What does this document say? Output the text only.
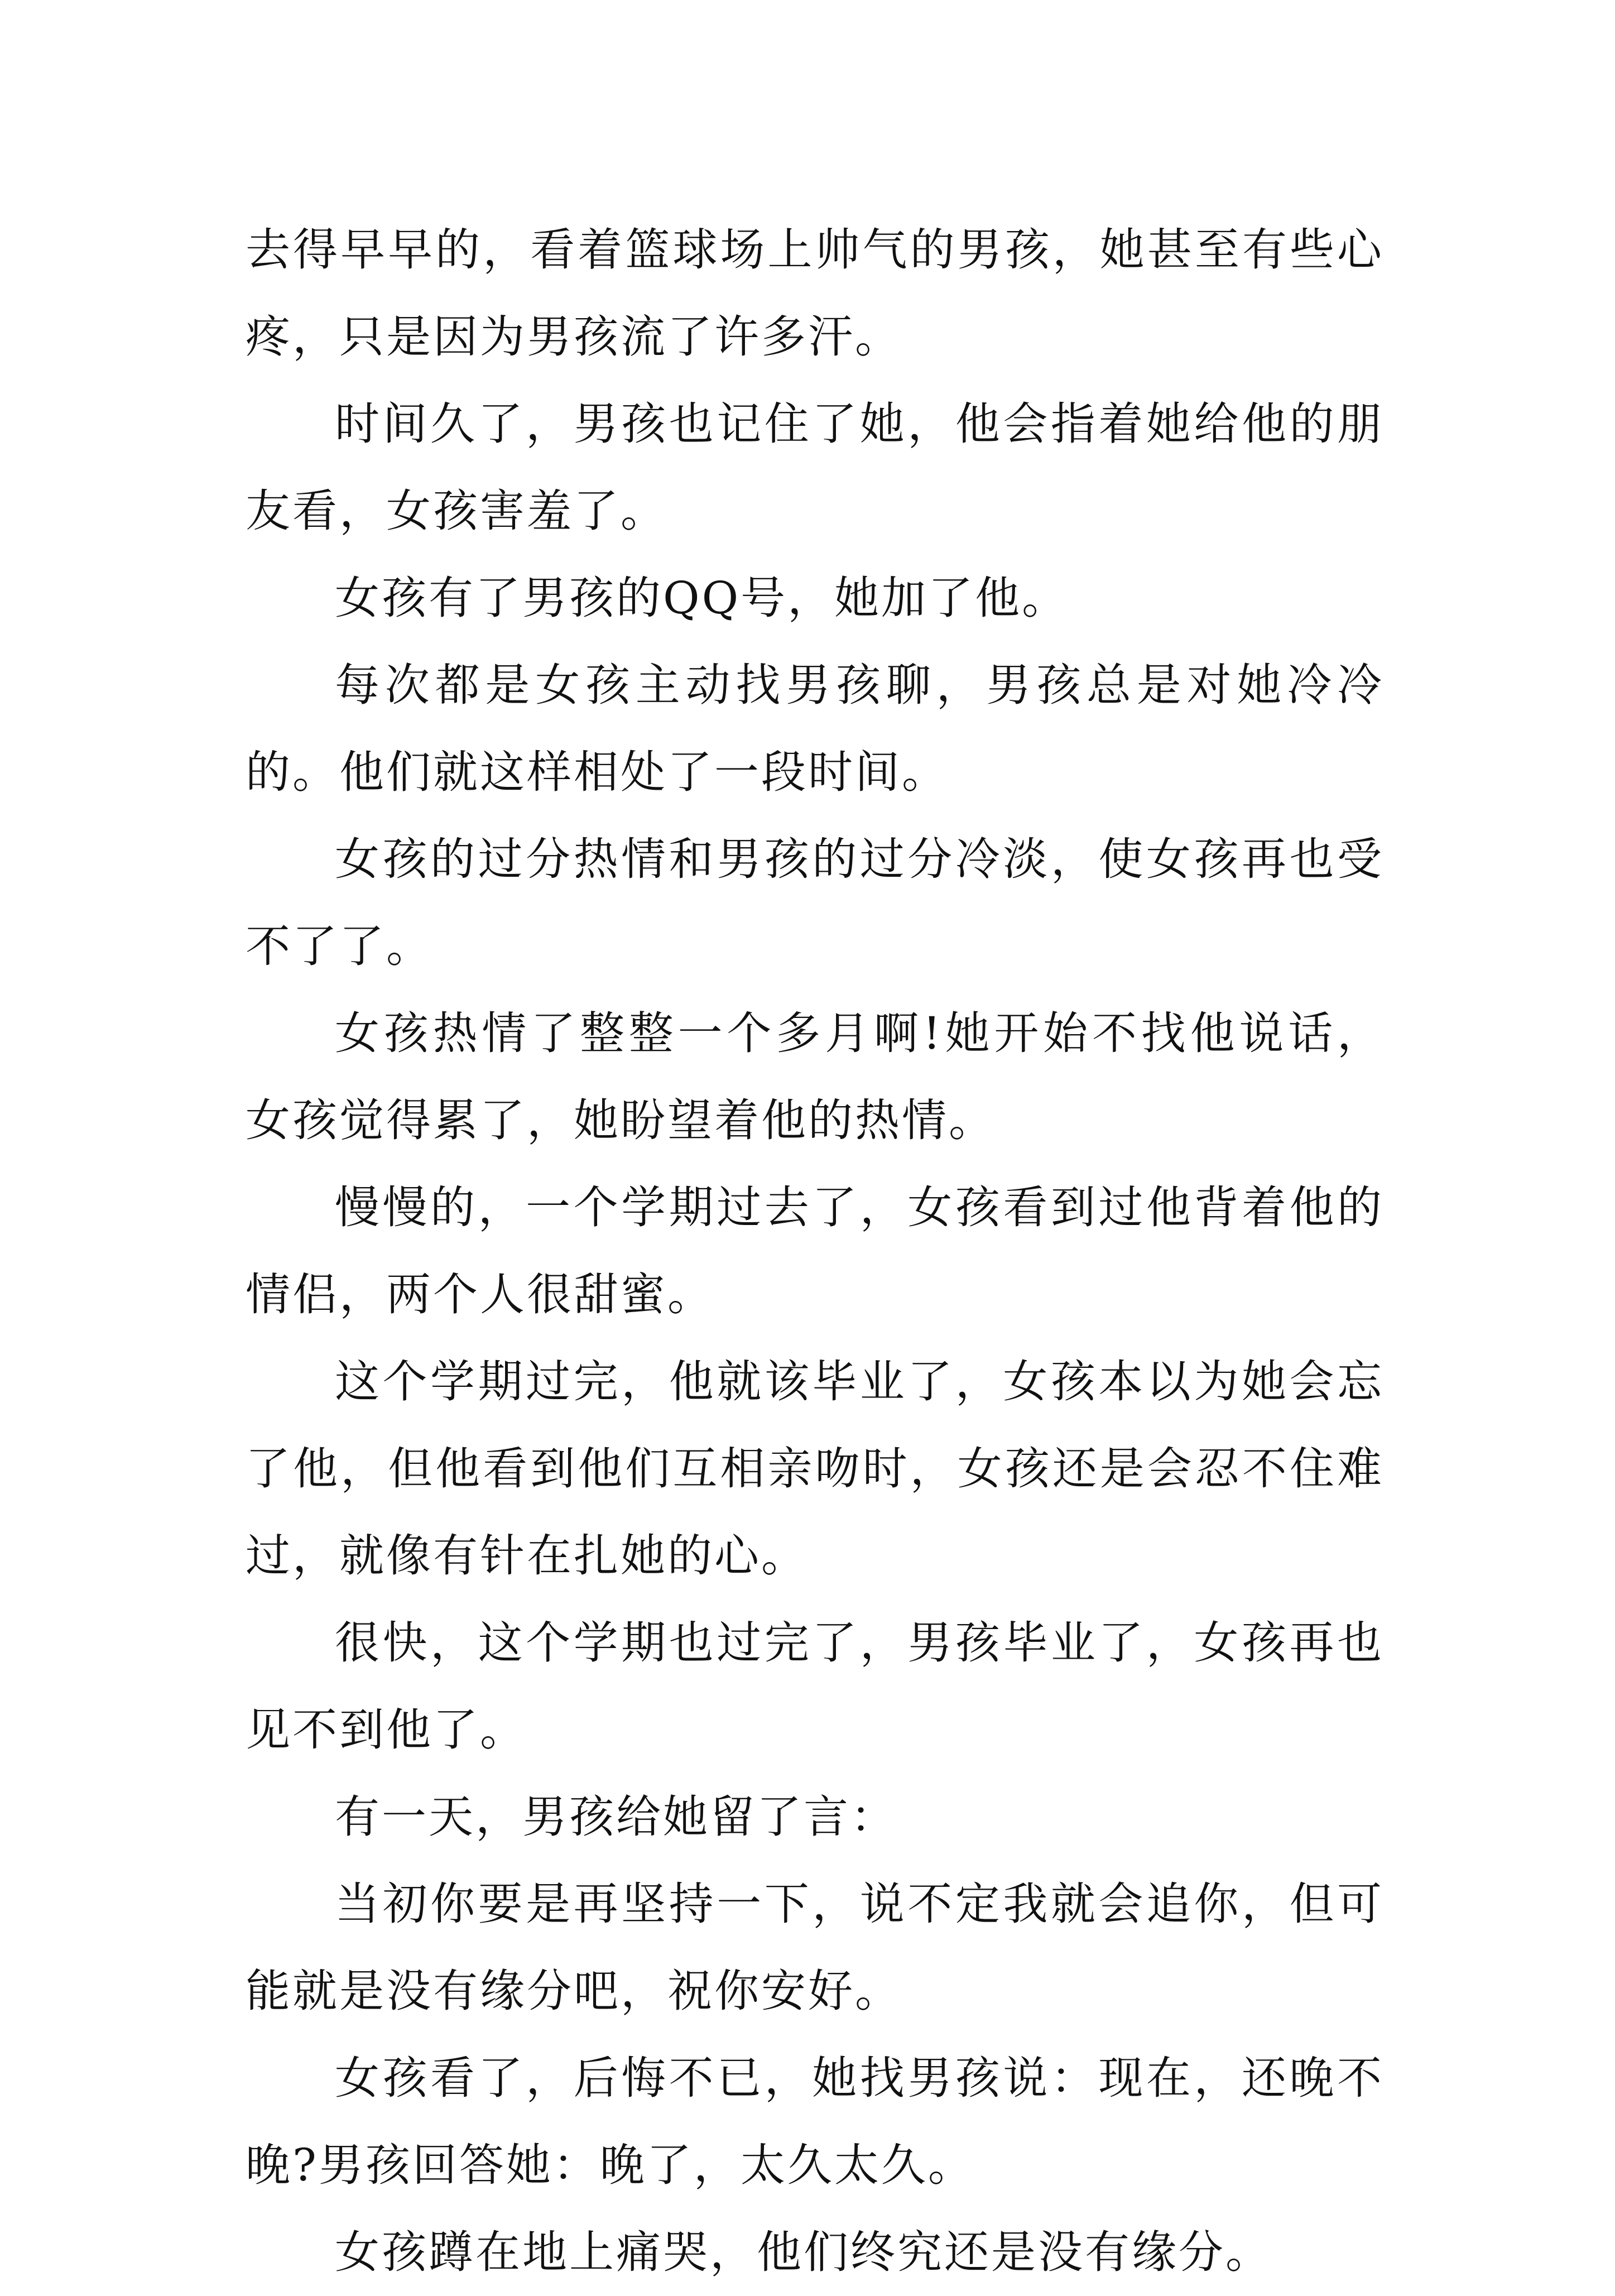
去得早早的，看着篮球场上帅气的男孩，她甚至有些心疼，只是因为男孩流了许多汗。

时间久了，男孩也记住了她，他会指着她给他的朋友看，女孩害羞了。

女孩有了男孩的QQ号，她加了他。

每次都是女孩主动找男孩聊，男孩总是对她冷冷的。他们就这样相处了一段时间。

女孩的过分热情和男孩的过分冷淡，使女孩再也受不了了。

女孩热情了整整一个多月啊!她开始不找他说话，女孩觉得累了，她盼望着他的热情。

慢慢的，一个学期过去了，女孩看到过他背着他的情侣，两个人很甜蜜。

这个学期过完，他就该毕业了，女孩本以为她会忘了他，但他看到他们互相亲吻时，女孩还是会忍不住难过，就像有针在扎她的心。

很快，这个学期也过完了，男孩毕业了，女孩再也见不到他了。

有一天，男孩给她留了言：

当初你要是再坚持一下，说不定我就会追你，但可能就是没有缘分吧，祝你安好。

女孩看了，后悔不已，她找男孩说：现在，还晚不晚?男孩回答她：晚了，太久太久。

女孩蹲在地上痛哭，他们终究还是没有缘分。
